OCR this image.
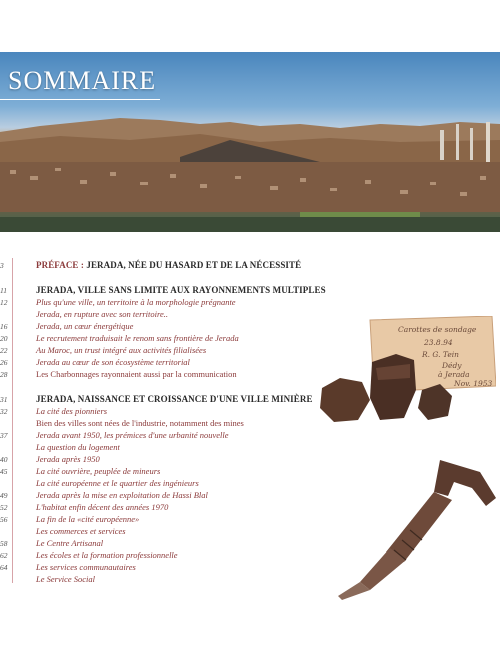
SOMMAIRE
3	PRÉFACE : JERADA, NÉE DU HASARD ET DE LA NÉCESSITÉ
11	JERADA, VILLE SANS LIMITE AUX RAYONNEMENTS MULTIPLES
12	Plus qu'une ville, un territoire à la morphologie prégnante
Jerada, en rupture avec son territoire..
16	Jerada, un cœur énergétique
20	Le recrutement traduisait le renom sans frontière de Jerada
22	Au Maroc, un trust intégré aux activités filialisées
26	Jerada au cœur de son écosystème territorial
28	Les Charbonnages rayonnaient aussi par la communication
31	JERADA, NAISSANCE ET CROISSANCE D'UNE VILLE MINIÈRE
32	La cité des pionniers
Bien des villes sont nées de l'industrie, notamment des mines
37	Jerada avant 1950, les prémices d'une urbanité nouvelle
La question du logement
40	Jerada après 1950
45	La cité ouvrière, peuplée de mineurs
La cité européenne et le quartier des ingénieurs
49	Jerada après la mise en exploitation de Hassi Blal
52	L'habitat enfin décent des années 1970
56	La fin de la «cité européenne»
Les commerces et services
58	Le Centre Artisanal
62	Les écoles et la formation professionnelle
64	Les services communautaires
Le Service Social
Carottes de sondage
23.8.94
R. G. Tein
Dédy
à Jerada
Nov. 1953
